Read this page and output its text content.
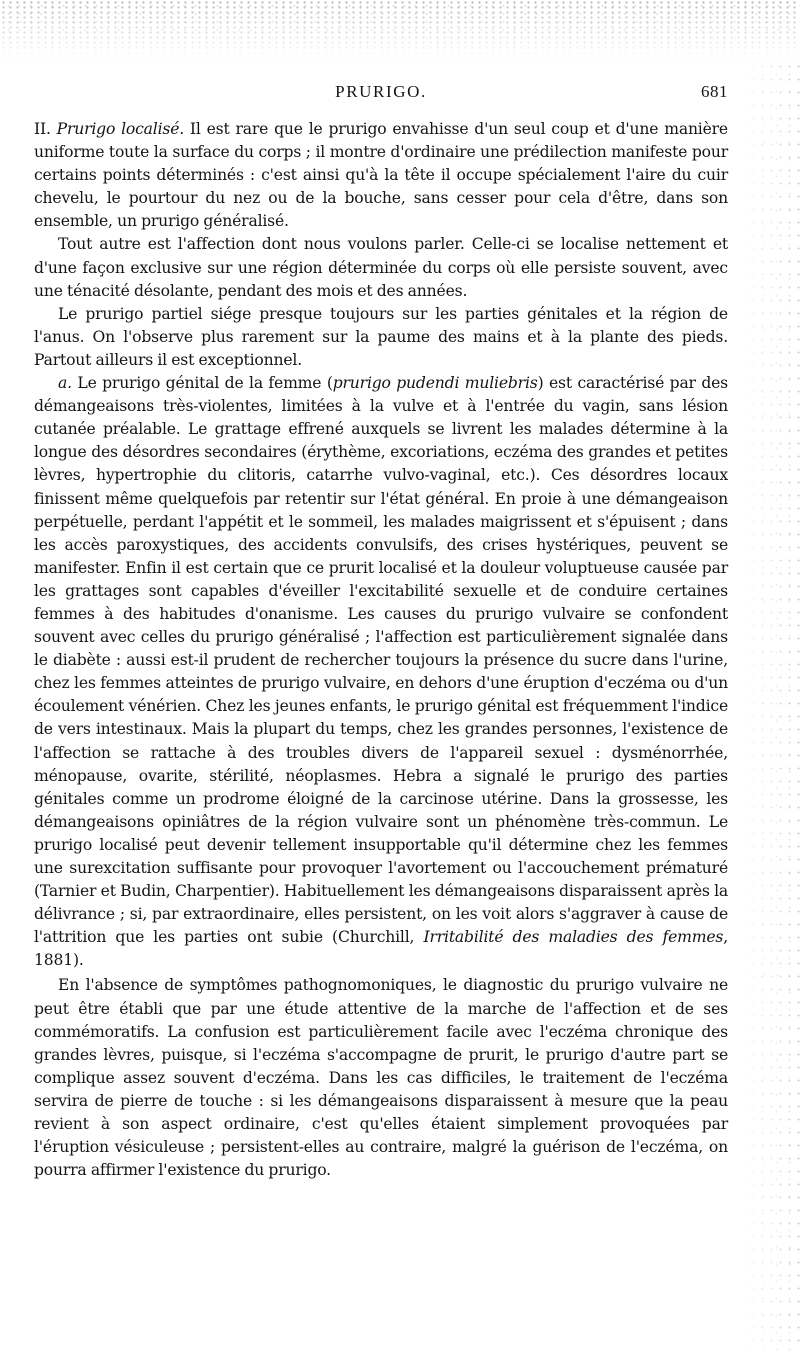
PRURIGO.	681

II. Prurigo localisé. Il est rare que le prurigo envahisse d'un seul coup et d'une manière uniforme toute la surface du corps ; il montre d'ordinaire une prédilection manifeste pour certains points déterminés : c'est ainsi qu'à la tête il occupe spécialement l'aire du cuir chevelu, le pourtour du nez ou de la bouche, sans cesser pour cela d'être, dans son ensemble, un prurigo généralisé.

Tout autre est l'affection dont nous voulons parler. Celle-ci se localise nettement et d'une façon exclusive sur une région déterminée du corps où elle persiste souvent, avec une ténacité désolante, pendant des mois et des années.

Le prurigo partiel siége presque toujours sur les parties génitales et la région de l'anus. On l'observe plus rarement sur la paume des mains et à la plante des pieds. Partout ailleurs il est exceptionnel.

a. Le prurigo génital de la femme (prurigo pudendi muliebris) est caractérisé par des démangeaisons très-violentes, limitées à la vulve et à l'entrée du vagin, sans lésion cutanée préalable. Le grattage effrené auxquels se livrent les malades détermine à la longue des désordres secondaires (érythème, excoriations, eczéma des grandes et petites lèvres, hypertrophie du clitoris, catarrhe vulvo-vaginal, etc.). Ces désordres locaux finissent même quelquefois par retentir sur l'état général. En proie à une démangeaison perpétuelle, perdant l'appétit et le sommeil, les malades maigrissent et s'épuisent ; dans les accès paroxystiques, des accidents convulsifs, des crises hystériques, peuvent se manifester. Enfin il est certain que ce prurit localisé et la douleur voluptueuse causée par les grattages sont capables d'éveiller l'excitabilité sexuelle et de conduire certaines femmes à des habitudes d'onanisme. Les causes du prurigo vulvaire se confondent souvent avec celles du prurigo généralisé ; l'affection est particulièrement signalée dans le diabète : aussi est-il prudent de rechercher toujours la présence du sucre dans l'urine, chez les femmes atteintes de prurigo vulvaire, en dehors d'une éruption d'eczéma ou d'un écoulement vénérien. Chez les jeunes enfants, le prurigo génital est fréquemment l'indice de vers intestinaux. Mais la plupart du temps, chez les grandes personnes, l'existence de l'affection se rattache à des troubles divers de l'appareil sexuel : dysménorrhée, ménopause, ovarite, stérilité, néoplasmes. Hebra a signalé le prurigo des parties génitales comme un prodrome éloigné de la carcinose utérine. Dans la grossesse, les démangeaisons opiniâtres de la région vulvaire sont un phénomène très-commun. Le prurigo localisé peut devenir tellement insupportable qu'il détermine chez les femmes une surexcitation suffisante pour provoquer l'avortement ou l'accouchement prématuré (Tarnier et Budin, Charpentier). Habituellement les démangeaisons disparaissent après la délivrance ; si, par extraordinaire, elles persistent, on les voit alors s'aggraver à cause de l'attrition que les parties ont subie (Churchill, Irritabilité des maladies des femmes, 1881).

En l'absence de symptômes pathognomoniques, le diagnostic du prurigo vulvaire ne peut être établi que par une étude attentive de la marche de l'affection et de ses commémoratifs. La confusion est particulièrement facile avec l'eczéma chronique des grandes lèvres, puisque, si l'eczéma s'accompagne de prurit, le prurigo d'autre part se complique assez souvent d'eczéma. Dans les cas difficiles, le traitement de l'eczéma servira de pierre de touche : si les démangeaisons disparaissent à mesure que la peau revient à son aspect ordinaire, c'est qu'elles étaient simplement provoquées par l'éruption vésiculeuse ; persistent-elles au contraire, malgré la guérison de l'eczéma, on pourra affirmer l'existence du prurigo.
